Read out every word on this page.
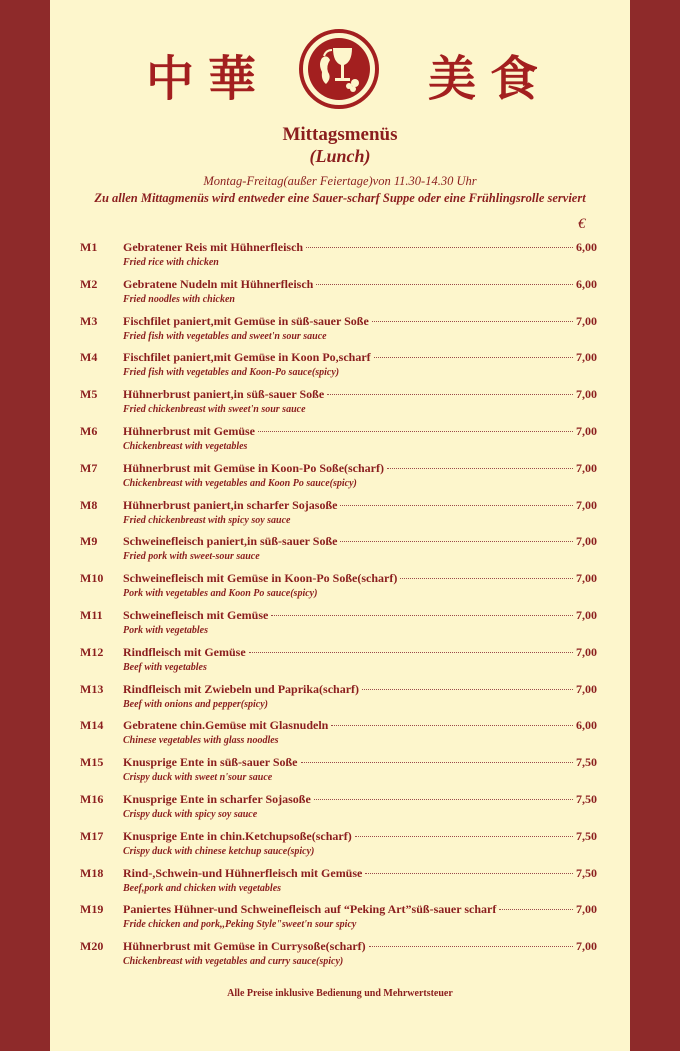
中華	美食
Mittagsmenüs
(Lunch)
Montag-Freitag(außer Feiertage)von 11.30-14.30 Uhr
Zu allen Mittagmenüs wird entweder eine Sauer-scharf Suppe oder eine Frühlingsrolle serviert
€
M1 Gebratener Reis mit Hühnerfleisch	6,00
Fried rice with chicken
M2 Gebratene Nudeln mit Hühnerfleisch	6,00
Fried noodles with chicken
M3 Fischfilet paniert,mit Gemüse in süß-sauer Soße	7,00
Fried fish with vegetables and sweet'n sour sauce
M4 Fischfilet paniert,mit Gemüse in Koon Po,scharf	7,00
Fried fish with vegetables and Koon-Po sauce(spicy)
M5 Hühnerbrust paniert,in süß-sauer Soße	7,00
Fried chickenbreast with sweet'n sour sauce
M6 Hühnerbrust mit Gemüse	7,00
Chickenbreast with vegetables
M7 Hühnerbrust mit Gemüse in Koon-Po Soße(scharf)	7,00
Chickenbreast with vegetables and Koon Po sauce(spicy)
M8 Hühnerbrust paniert,in scharfer Sojasoße	7,00
Fried chickenbreast with spicy soy sauce
M9 Schweinefleisch paniert,in süß-sauer Soße	7,00
Fried pork with sweet-sour sauce
M10 Schweinefleisch mit Gemüse in Koon-Po Soße(scharf)	7,00
Pork with vegetables and Koon Po sauce(spicy)
M11 Schweinefleisch mit Gemüse	7,00
Pork with vegetables
M12 Rindfleisch mit Gemüse	7,00
Beef with vegetables
M13 Rindfleisch mit Zwiebeln und Paprika(scharf)	7,00
Beef with onions and pepper(spicy)
M14 Gebratene chin.Gemüse mit Glasnudeln	6,00
Chinese vegetables with glass noodles
M15 Knusprige Ente in süß-sauer Soße	7,50
Crispy duck with sweet n'sour sauce
M16 Knusprige Ente in scharfer Sojasoße	7,50
Crispy duck with spicy soy sauce
M17 Knusprige Ente in chin.Ketchupsoße(scharf)	7,50
Crispy duck with chinese ketchup sauce(spicy)
M18 Rind-,Schwein-und Hühnerfleisch mit Gemüse	7,50
Beef,pork and chicken with vegetables
M19 Paniertes Hühner-und Schweinefleisch auf “Peking Art”süß-sauer scharf	7,00
Fride chicken and pork,,Peking Style"sweet'n sour spicy
M20 Hühnerbrust mit Gemüse in Currysoße(scharf)	7,00
Chickenbreast with vegetables and curry sauce(spicy)
Alle Preise inklusive Bedienung und Mehrwertsteuer
